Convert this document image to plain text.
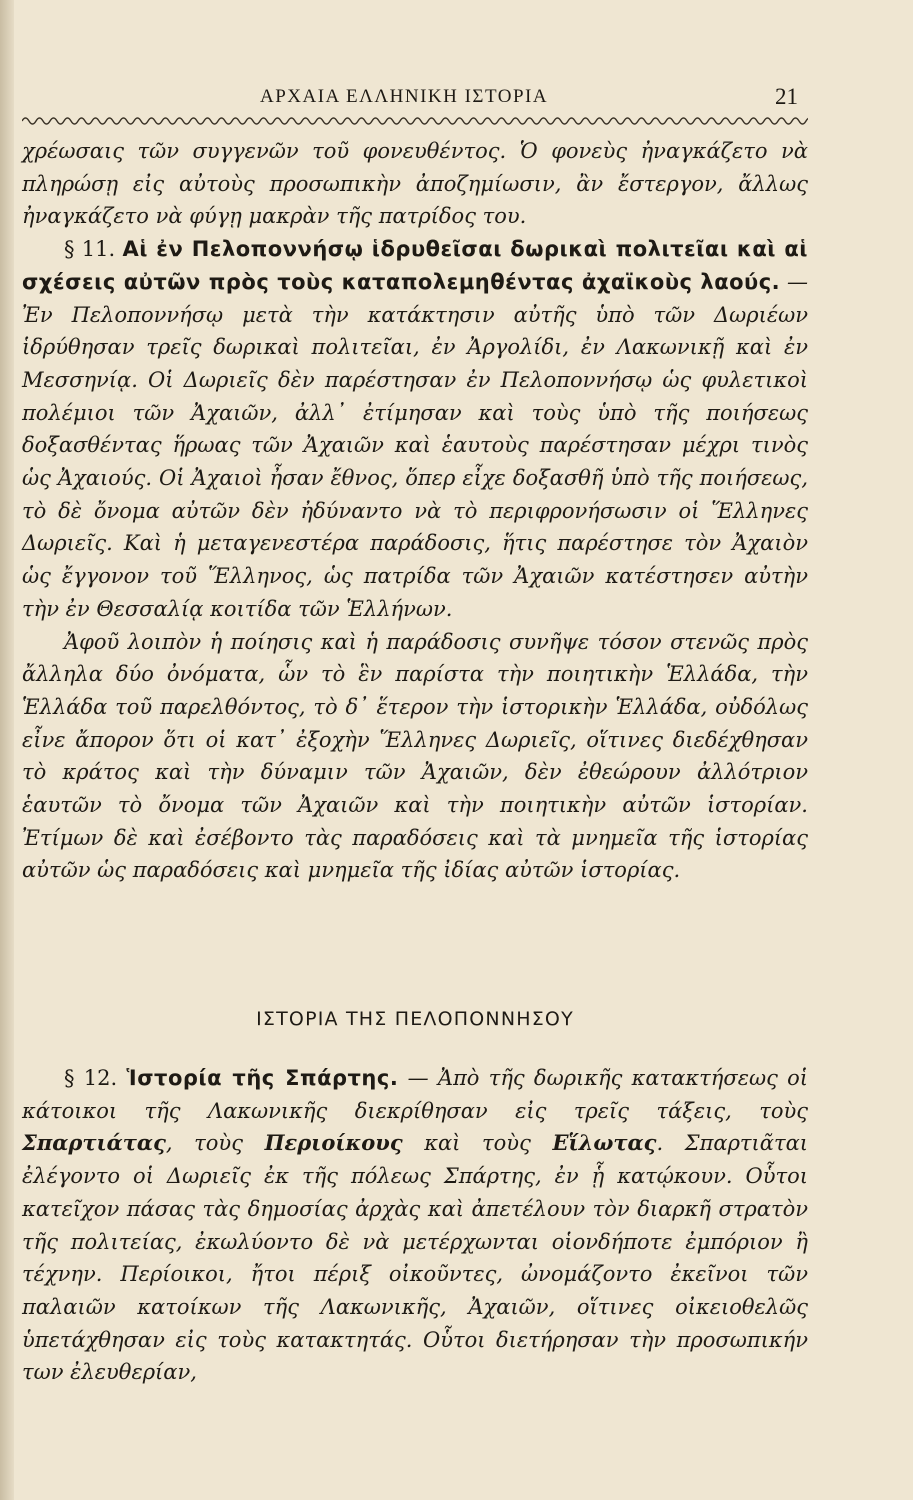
ΑΡΧΑΙΑ ΕΛΛΗΝΙΚΗ ΙΣΤΟΡΙΑ	21

χρέωσαις τῶν συγγενῶν τοῦ φονευθέντος. Ὁ φονεὺς ἠναγκάζετο νὰ πληρώσῃ εἰς αὐτοὺς προσωπικὴν ἀποζημίωσιν, ἂν ἔστεργον, ἄλλως ἠναγκάζετο νὰ φύγῃ μακρὰν τῆς πατρίδος του.

§ 11. Αἱ ἐν Πελοποννήσῳ ἱδρυθεῖσαι δωρικαὶ πολιτεῖαι καὶ αἱ σχέσεις αὐτῶν πρὸς τοὺς καταπολεμηθέντας ἀχαϊκοὺς λαούς. — Ἐν Πελοποννήσῳ μετὰ τὴν κατάκτησιν αὐτῆς ὑπὸ τῶν Δωριέων ἱδρύθησαν τρεῖς δωρικαὶ πολιτεῖαι, ἐν Ἀργολίδι, ἐν Λακωνικῇ καὶ ἐν Μεσσηνίᾳ. Οἱ Δωριεῖς δὲν παρέστησαν ἐν Πελοποννήσῳ ὡς φυλετικοὶ πολέμιοι τῶν Ἀχαιῶν, ἀλλ᾿ ἐτίμησαν καὶ τοὺς ὑπὸ τῆς ποιήσεως δοξασθέντας ἥρωας τῶν Ἀχαιῶν καὶ ἑαυτοὺς παρέστησαν μέχρι τινὸς ὡς Ἀχαιούς. Οἱ Ἀχαιοὶ ἦσαν ἔθνος, ὅπερ εἶχε δοξασθῆ ὑπὸ τῆς ποιήσεως, τὸ δὲ ὄνομα αὐτῶν δὲν ἠδύναντο νὰ τὸ περιφρονήσωσιν οἱ Ἕλληνες Δωριεῖς. Καὶ ἡ μεταγενεστέρα παράδοσις, ἥτις παρέστησε τὸν Ἀχαιὸν ὡς ἔγγονον τοῦ Ἕλληνος, ὡς πατρίδα τῶν Ἀχαιῶν κατέστησεν αὐτὴν τὴν ἐν Θεσσαλίᾳ κοιτίδα τῶν Ἑλλήνων.

Ἀφοῦ λοιπὸν ἡ ποίησις καὶ ἡ παράδοσις συνῆψε τόσον στενῶς πρὸς ἄλληλα δύο ὀνόματα, ὧν τὸ ἓν παρίστα τὴν ποιητικὴν Ἑλλάδα, τὴν Ἑλλάδα τοῦ παρελθόντος, τὸ δ᾿ ἕτερον τὴν ἱστορικὴν Ἑλλάδα, οὐδόλως εἶνε ἄπορον ὅτι οἱ κατ᾿ ἐξοχὴν Ἕλληνες Δωριεῖς, οἵτινες διεδέχθησαν τὸ κράτος καὶ τὴν δύναμιν τῶν Ἀχαιῶν, δὲν ἐθεώρουν ἀλλότριον ἑαυτῶν τὸ ὄνομα τῶν Ἀχαιῶν καὶ τὴν ποιητικὴν αὐτῶν ἱστορίαν. Ἐτίμων δὲ καὶ ἐσέβοντο τὰς παραδόσεις καὶ τὰ μνημεῖα τῆς ἱστορίας αὐτῶν ὡς παραδόσεις καὶ μνημεῖα τῆς ἰδίας αὐτῶν ἱστορίας.

ΙΣΤΟΡΙΑ ΤΗΣ ΠΕΛΟΠΟΝΝΗΣΟΥ

§ 12. Ἱστορία τῆς Σπάρτης. — Ἀπὸ τῆς δωρικῆς κατακτήσεως οἱ κάτοικοι τῆς Λακωνικῆς διεκρίθησαν εἰς τρεῖς τάξεις, τοὺς Σπαρτιάτας, τοὺς Περιοίκους καὶ τοὺς Εἵλωτας. Σπαρτιᾶται ἐλέγοντο οἱ Δωριεῖς ἐκ τῆς πόλεως Σπάρτης, ἐν ᾗ κατῴκουν. Οὗτοι κατεῖχον πάσας τὰς δημοσίας ἀρχὰς καὶ ἀπετέλουν τὸν διαρκῆ στρατὸν τῆς πολιτείας, ἐκωλύοντο δὲ νὰ μετέρχωνται οἱονδήποτε ἐμπόριον ἢ τέχνην. Περίοικοι, ἤτοι πέριξ οἰκοῦντες, ὠνομάζοντο ἐκεῖνοι τῶν παλαιῶν κατοίκων τῆς Λακωνικῆς, Ἀχαιῶν, οἵτινες οἰκειοθελῶς ὑπετάχθησαν εἰς τοὺς κατακτητάς. Οὗτοι διετήρησαν τὴν προσωπικήν των ἐλευθερίαν,
